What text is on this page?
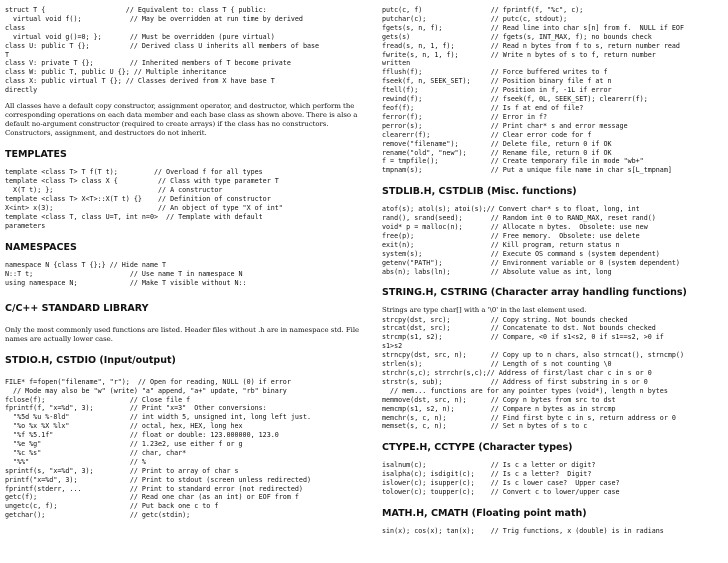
struct T {                    // Equivalent to: class T { public:
virtual void f();            // May be overridden at run time by derived
class
virtual void g()=0; };       // Must be overridden (pure virtual)
class U: public T {};          // Derived class U inherits all members of base
T
class V: private T {};         // Inherited members of T become private
class W: public T, public U {}; // Multiple inheritance
class X: public virtual T {}; // Classes derived from X have base T
directly

All classes have a default copy constructor, assignment operator, and destructor, which perform the corresponding operations on each data member and each base class as shown above. There is also a default no-argument constructor (required to create arrays) if the class has no constructors. Constructors, assignment, and destructors do not inherit.

TEMPLATES
template <class T> T f(T t);         // Overload f for all types
template <class T> class X {          // Class with type parameter T
X(T t); };                          // A constructor
template <class T> X<T>::X(T t) {}    // Definition of constructor
X<int> x(3);                          // An object of type "X of int"
template <class T, class U=T, int n=0>  // Template with default
parameters
NAMESPACES
namespace N {class T {};} // Hide name T
N::T t;                        // Use name T in namespace N
using namespace N;             // Make T visible without N::
C/C++ STANDARD LIBRARY

Only the most commonly used functions are listed. Header files without .h are in namespace std. File names are actually lower case.

STDIO.H, CSTDIO (Input/output)
FILE* f=fopen("filename", "r");  // Open for reading, NULL (0) if error
// Mode may also be "w" (write) "a" append, "a+" update, "rb" binary
fclose(f);                     // Close file f
fprintf(f, "x=%d", 3);         // Print "x=3"  Other conversions:
"%5d %u %-8ld"               // int width 5, unsigned int, long left just.
"%o %x %X %lx"               // octal, hex, HEX, long hex
"%f %5.1f"                   // float or double: 123.000000, 123.0
"%e %g"                      // 1.23e2, use either f or g
"%c %s"                      // char, char*
"%%"                         // %
sprintf(s, "x=%d", 3);         // Print to array of char s
printf("x=%d", 3);             // Print to stdout (screen unless redirected)
fprintf(stderr, ...            // Print to standard error (not redirected)
getc(f);                       // Read one char (as an int) or EOF from f
ungetc(c, f);                  // Put back one c to f
getchar();                     // getc(stdin);
putc(c, f)                 // fprintf(f, "%c", c);
putchar(c);                // putc(c, stdout);
fgets(s, n, f);            // Read line into char s[n] from f.  NULL if EOF
gets(s)                    // fgets(s, INT_MAX, f); no bounds check
fread(s, n, 1, f);         // Read n bytes from f to s, return number read
fwrite(s, n, 1, f);        // Write n bytes of s to f, return number
written
fflush(f);                 // Force buffered writes to f
fseek(f, n, SEEK_SET);     // Position binary file f at n
ftell(f);                  // Position in f, -1L if error
rewind(f);                 // fseek(f, 0L, SEEK_SET); clearerr(f);
feof(f);                   // Is f at end of file?
ferror(f);                 // Error in f?
perror(s);                 // Print char* s and error message
clearerr(f);               // Clear error code for f
remove("filename");        // Delete file, return 0 if OK
rename("old", "new");      // Rename file, return 0 if OK
f = tmpfile();             // Create temporary file in mode "wb+"
tmpnam(s);                 // Put a unique file name in char s[L_tmpnam]
STDLIB.H, CSTDLIB (Misc. functions)
atof(s); atol(s); atoi(s);// Convert char* s to float, long, int
rand(), srand(seed);       // Random int 0 to RAND_MAX, reset rand()
void* p = malloc(n);       // Allocate n bytes.  Obsolete: use new
free(p);                   // Free memory.  Obsolete: use delete
exit(n);                   // Kill program, return status n
system(s);                 // Execute OS command s (system dependent)
getenv("PATH");            // Environment variable or 0 (system dependent)
abs(n); labs(ln);          // Absolute value as int, long
STRING.H, CSTRING (Character array handling functions)

Strings are type char[] with a '\0' in the last element used.

strcpy(dst, src);          // Copy string. Not bounds checked
strcat(dst, src);          // Concatenate to dst. Not bounds checked
strcmp(s1, s2);            // Compare, <0 if s1<s2, 0 if s1==s2, >0 if
s1>s2
strncpy(dst, src, n);      // Copy up to n chars, also strncat(), strncmp()
strlen(s);                 // Length of s not counting \0
strchr(s,c); strrchr(s,c);// Address of first/last char c in s or 0
strstr(s, sub);            // Address of first substring in s or 0
// mem... functions are for any pointer types (void*), length n bytes
memmove(dst, src, n);      // Copy n bytes from src to dst
memcmp(s1, s2, n);         // Compare n bytes as in strcmp
memchr(s, c, n);           // Find first byte c in s, return address or 0
memset(s, c, n);           // Set n bytes of s to c
CTYPE.H, CCTYPE (Character types)
isalnum(c);                // Is c a letter or digit?
isalpha(c); isdigit(c);    // Is c a letter?  Digit?
islower(c); isupper(c);    // Is c lower case?  Upper case?
tolower(c); toupper(c);    // Convert c to lower/upper case
MATH.H, CMATH (Floating point math)
sin(x); cos(x); tan(x);    // Trig functions, x (double) is in radians
